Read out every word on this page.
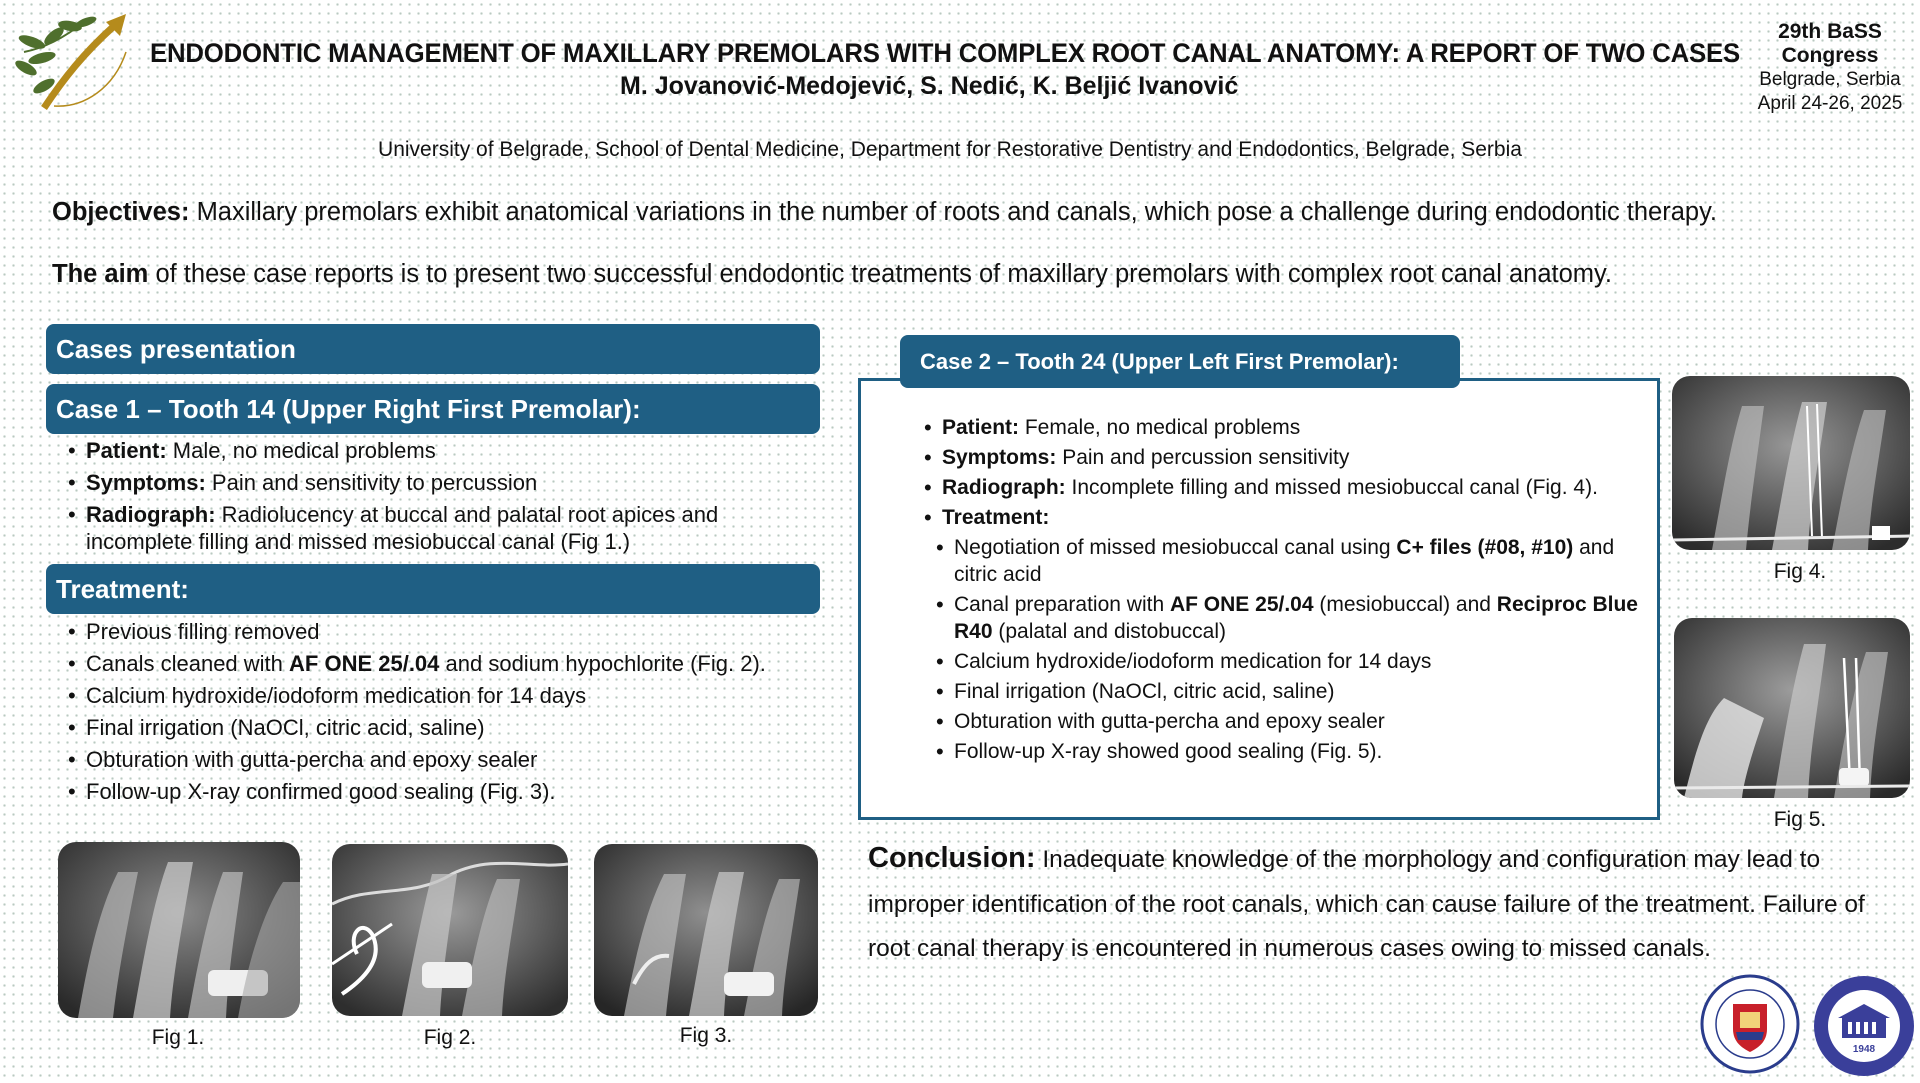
ENDODONTIC MANAGEMENT OF MAXILLARY PREMOLARS WITH COMPLEX ROOT CANAL ANATOMY: A REPORT OF TWO CASES
M. Jovanović-Medojević, S. Nedić, K. Beljić Ivanović
University of Belgrade, School of Dental Medicine, Department for Restorative Dentistry and Endodontics, Belgrade, Serbia
29th BaSS
Congress
Belgrade, Serbia
April 24-26, 2025
Objectives: Maxillary premolars exhibit anatomical variations in the number of roots and canals, which pose a challenge during endodontic therapy.
The aim of these case reports is to present two successful endodontic treatments of maxillary premolars with complex root canal anatomy.
Cases presentation
Case 1 – Tooth 14 (Upper Right First Premolar):
• Patient: Male, no medical problems
• Symptoms: Pain and sensitivity to percussion
• Radiograph: Radiolucency at buccal and palatal root apices and incomplete filling and missed mesiobuccal canal (Fig 1.)
Treatment:
• Previous filling removed
• Canals cleaned with AF ONE 25/.04 and sodium hypochlorite (Fig. 2).
• Calcium hydroxide/iodoform medication for 14 days
• Final irrigation (NaOCl, citric acid, saline)
• Obturation with gutta-percha and epoxy sealer
• Follow-up X-ray confirmed good sealing (Fig. 3).
Case 2 – Tooth 24 (Upper Left First Premolar):
• Patient: Female, no medical problems
• Symptoms: Pain and percussion sensitivity
• Radiograph: Incomplete filling and missed mesiobuccal canal (Fig. 4).
• Treatment:
• Negotiation of missed mesiobuccal canal using C+ files (#08, #10) and citric acid
• Canal preparation with AF ONE 25/.04 (mesiobuccal) and Reciproc Blue R40 (palatal and distobuccal)
• Calcium hydroxide/iodoform medication for 14 days
• Final irrigation (NaOCl, citric acid, saline)
• Obturation with gutta-percha and epoxy sealer
• Follow-up X-ray showed good sealing (Fig. 5).
Fig 1.	Fig 2.	Fig 3.
Fig 4.
Fig 5.
Conclusion: Inadequate knowledge of the morphology and configuration may lead to improper identification of the root canals, which can cause failure of the treatment. Failure of root canal therapy is encountered in numerous cases owing to missed canals.
1948
